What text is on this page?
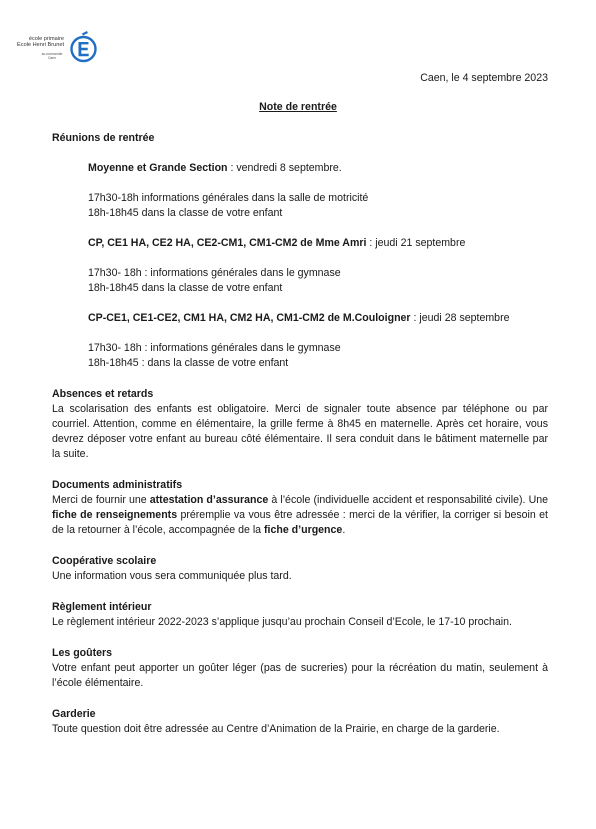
école primaire
Ecole Henri Brunet
ac-normandie
Caen
Caen, le 4 septembre 2023
Note de rentrée

Réunions de rentrée

Moyenne et Grande Section : vendredi 8 septembre.

17h30-18h informations générales dans la salle de motricité

18h-18h45 dans la classe de votre enfant

CP, CE1 HA, CE2 HA, CE2-CM1, CM1-CM2 de Mme Amri : jeudi 21 septembre

17h30- 18h : informations générales dans le gymnase

18h-18h45 dans la classe de votre enfant

CP-CE1, CE1-CE2, CM1 HA, CM2 HA, CM1-CM2 de M.Couloigner : jeudi 28 septembre

17h30- 18h : informations générales dans le gymnase

18h-18h45 : dans la classe de votre enfant

Absences et retards

La scolarisation des enfants est obligatoire. Merci de signaler toute absence par téléphone ou par courriel. Attention, comme en élémentaire, la grille ferme à 8h45 en maternelle. Après cet horaire, vous devrez déposer votre enfant au bureau côté élémentaire. Il sera conduit dans le bâtiment maternelle par la suite.

Documents administratifs

Merci de fournir une attestation d’assurance à l’école (individuelle accident et responsabilité civile). Une fiche de renseignements préremplie va vous être adressée : merci de la vérifier, la corriger si besoin et de la retourner à l’école, accompagnée de la fiche d’urgence.

Coopérative scolaire

Une information vous sera communiquée plus tard.

Règlement intérieur

Le règlement intérieur 2022-2023 s’applique jusqu’au prochain Conseil d’Ecole, le 17-10 prochain.

Les goûters

Votre enfant peut apporter un goûter léger (pas de sucreries) pour la récréation du matin, seulement à l’école élémentaire.

Garderie

Toute question doit être adressée au Centre d’Animation de la Prairie, en charge de la garderie.
